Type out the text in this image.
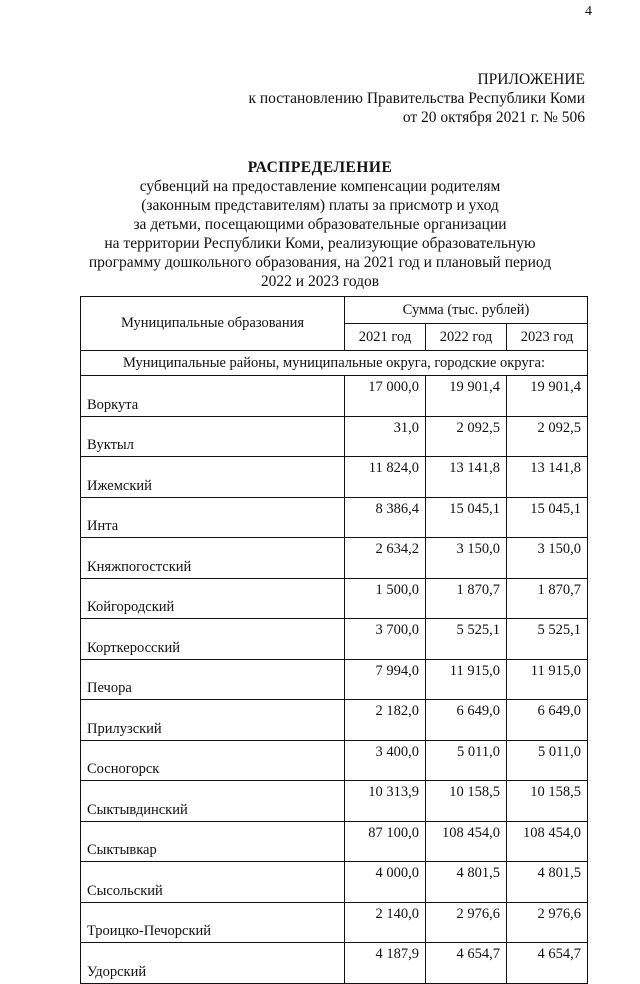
4
ПРИЛОЖЕНИЕ
к постановлению Правительства Республики Коми
от 20 октября 2021 г. № 506
РАСПРЕДЕЛЕНИЕ
субвенций на предоставление компенсации родителям
(законным представителям) платы за присмотр и уход
за детьми, посещающими образовательные организации
на территории Республики Коми, реализующие образовательную
программу дошкольного образования, на 2021 год и плановый период
2022 и 2023 годов
Муниципальные образования	Сумма (тыс. рублей)		
	2021 год	2022 год	2023 год
Муниципальные районы, муниципальные округа, городские округа:			
Воркута	17 000,0	19 901,4	19 901,4
Вуктыл	31,0	2 092,5	2 092,5
Ижемский	11 824,0	13 141,8	13 141,8
Инта	8 386,4	15 045,1	15 045,1
Княжпогостский	2 634,2	3 150,0	3 150,0
Койгородский	1 500,0	1 870,7	1 870,7
Корткеросский	3 700,0	5 525,1	5 525,1
Печора	7 994,0	11 915,0	11 915,0
Прилузский	2 182,0	6 649,0	6 649,0
Сосногорск	3 400,0	5 011,0	5 011,0
Сыктывдинский	10 313,9	10 158,5	10 158,5
Сыктывкар	87 100,0	108 454,0	108 454,0
Сысольский	4 000,0	4 801,5	4 801,5
Троицко-Печорский	2 140,0	2 976,6	2 976,6
Удорский	4 187,9	4 654,7	4 654,7
